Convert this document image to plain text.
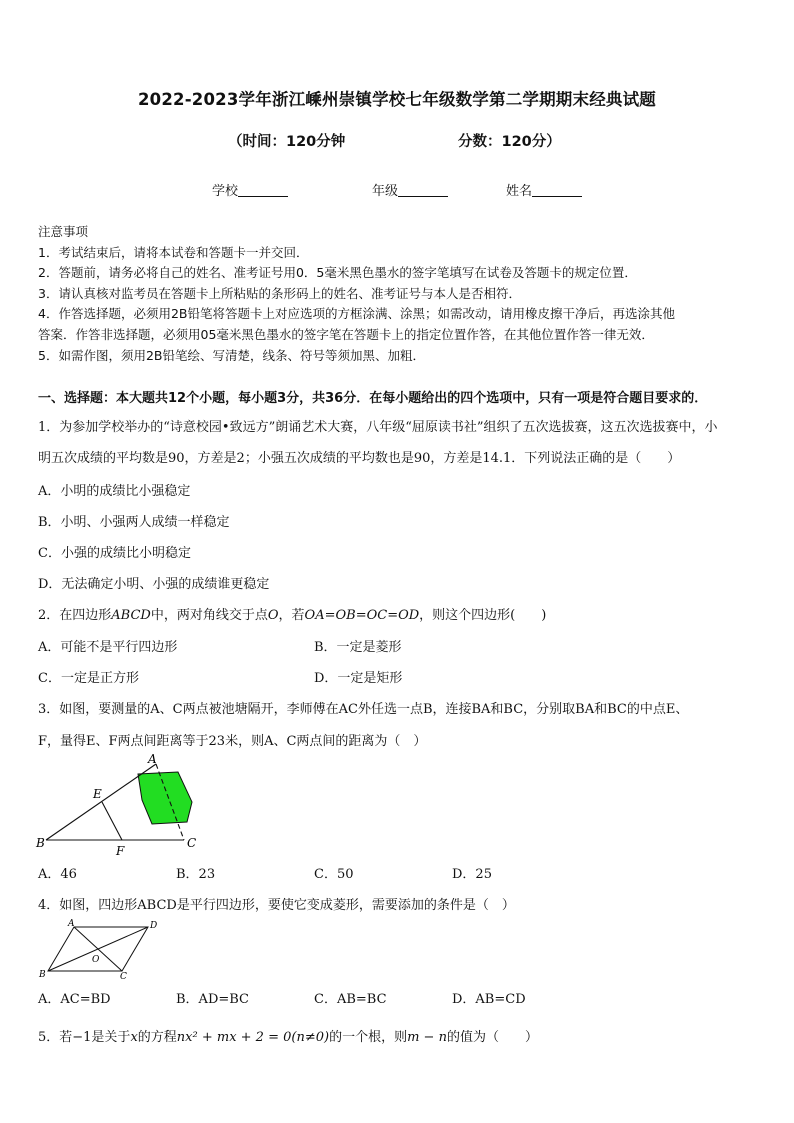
2022-2023学年浙江嵊州崇镇学校七年级数学第二学期期末经典试题
（时间：120分钟	分数：120分）
学校	年级	姓名

注意事项

1．考试结束后，请将本试卷和答题卡一并交回．

2．答题前，请务必将自己的姓名、准考证号用0．5毫米黑色墨水的签字笔填写在试卷及答题卡的规定位置．

3．请认真核对监考员在答题卡上所粘贴的条形码上的姓名、准考证号与本人是否相符．

4．作答选择题，必须用2B铅笔将答题卡上对应选项的方框涂满、涂黑；如需改动，请用橡皮擦干净后，再选涂其他

答案．作答非选择题，必须用05毫米黑色墨水的签字笔在答题卡上的指定位置作答，在其他位置作答一律无效．

5．如需作图，须用2B铅笔绘、写清楚，线条、符号等须加黑、加粗．

一、选择题：本大题共12个小题，每小题3分，共36分．在每小题给出的四个选项中，只有一项是符合题目要求的．
1．为参加学校举办的“诗意校园•致远方”朗诵艺术大赛，八年级“屈原读书社”组织了五次选拔赛，这五次选拔赛中，小
明五次成绩的平均数是90，方差是2；小强五次成绩的平均数也是90，方差是14.1．下列说法正确的是（　　）
A．小明的成绩比小强稳定
B．小明、小强两人成绩一样稳定
C．小强的成绩比小明稳定
D．无法确定小明、小强的成绩谁更稳定
2．在四边形ABCD中，两对角线交于点O，若OA=OB=OC=OD，则这个四边形(　　)
A．可能不是平行四边形	B．一定是菱形
C．一定是正方形	D．一定是矩形
3．如图，要测量的A、C两点被池塘隔开，李师傅在AC外任选一点B，连接BA和BC，分别取BA和BC的中点E、
F，量得E、F两点间距离等于23米，则A、C两点间的距离为（　）
A
B	C
E
F
A．46	B．23	C．50	D．25
4．如图，四边形ABCD是平行四边形，要使它变成菱形，需要添加的条件是（　）
A	D
B	C
O
A．AC=BD	B．AD=BC	C．AB=BC	D．AB=CD
5．若−1是关于x的方程nx² + mx + 2 = 0(n≠0)的一个根，则m − n的值为（　　）
